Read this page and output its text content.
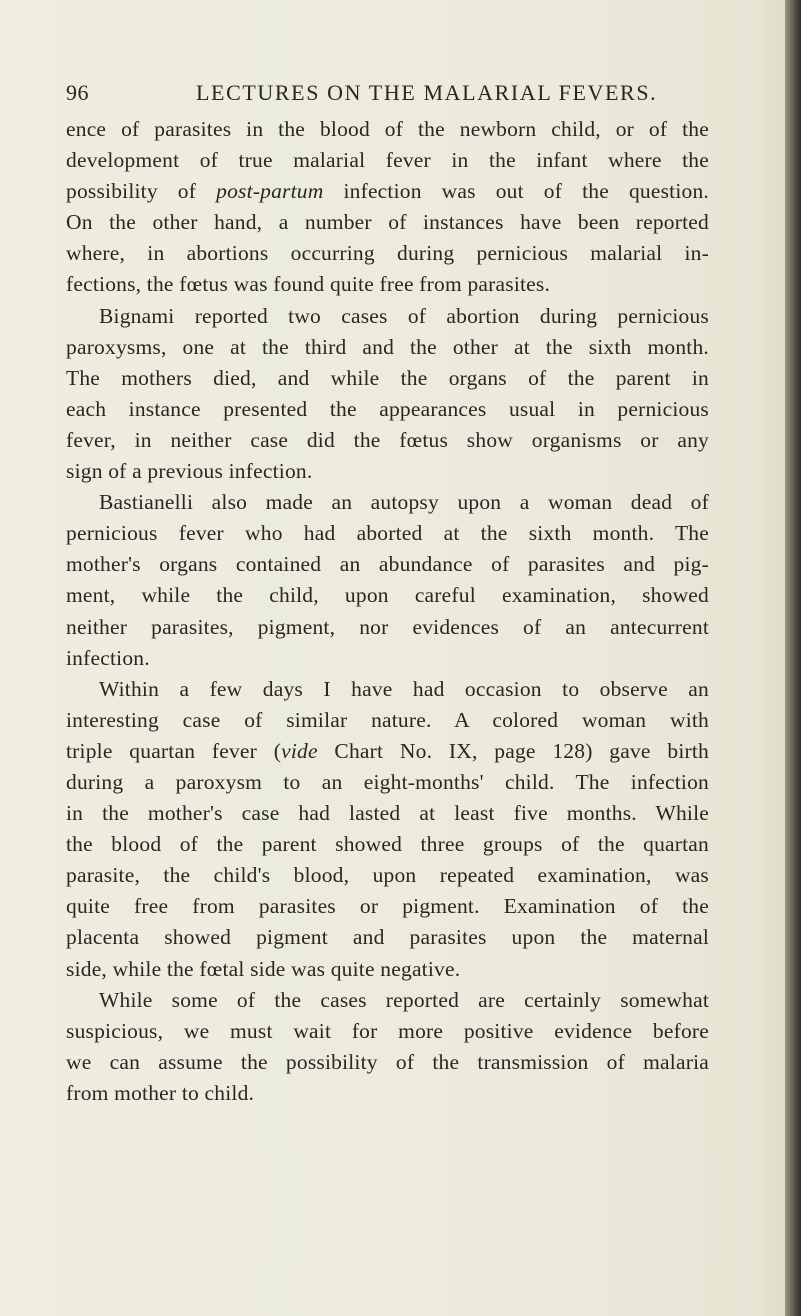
96	LECTURES ON THE MALARIAL FEVERS.
ence of parasites in the blood of the newborn child, or of the
development of true malarial fever in the infant where the
possibility of post-partum infection was out of the question.
On the other hand, a number of instances have been reported
where, in abortions occurring during pernicious malarial in-
fections, the fœtus was found quite free from parasites.
Bignami reported two cases of abortion during pernicious
paroxysms, one at the third and the other at the sixth month.
The mothers died, and while the organs of the parent in
each instance presented the appearances usual in pernicious
fever, in neither case did the fœtus show organisms or any
sign of a previous infection.
Bastianelli also made an autopsy upon a woman dead of
pernicious fever who had aborted at the sixth month. The
mother's organs contained an abundance of parasites and pig-
ment, while the child, upon careful examination, showed
neither parasites, pigment, nor evidences of an antecurrent
infection.
Within a few days I have had occasion to observe an
interesting case of similar nature. A colored woman with
triple quartan fever (vide Chart No. IX, page 128) gave birth
during a paroxysm to an eight-months' child. The infection
in the mother's case had lasted at least five months. While
the blood of the parent showed three groups of the quartan
parasite, the child's blood, upon repeated examination, was
quite free from parasites or pigment. Examination of the
placenta showed pigment and parasites upon the maternal
side, while the fœtal side was quite negative.
While some of the cases reported are certainly somewhat
suspicious, we must wait for more positive evidence before
we can assume the possibility of the transmission of malaria
from mother to child.
